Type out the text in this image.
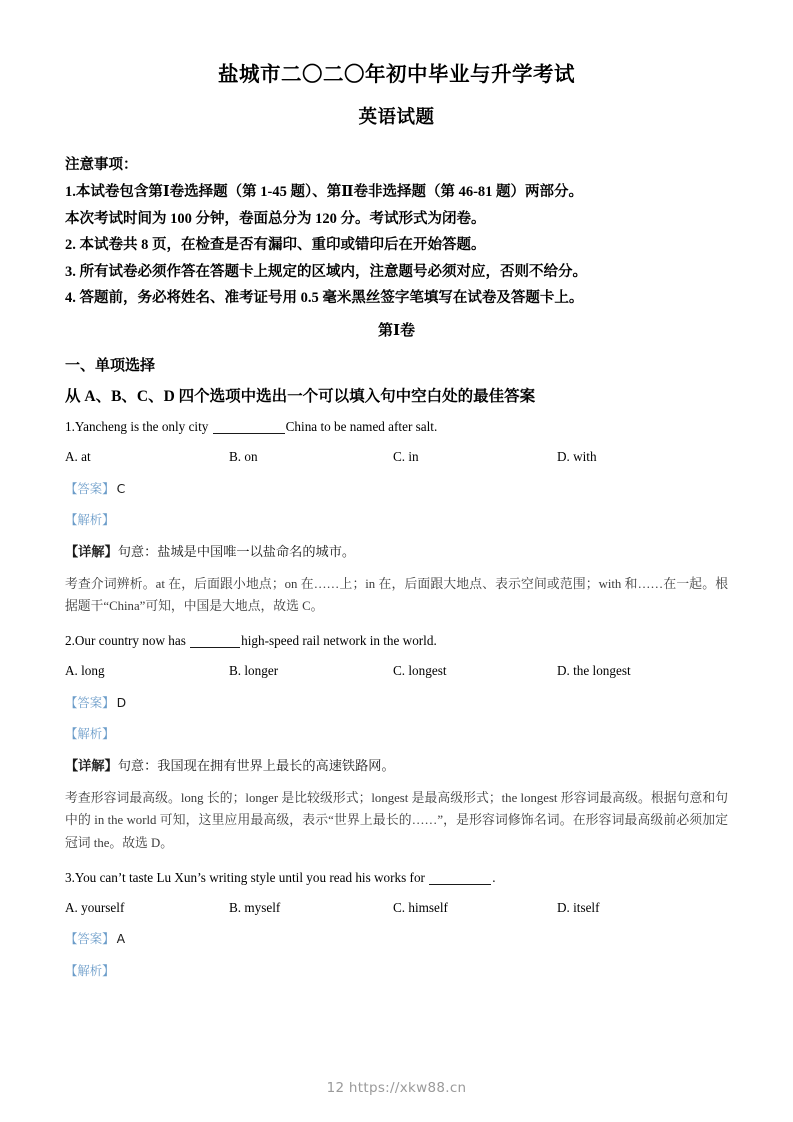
盐城市二〇二〇年初中毕业与升学考试
英语试题

注意事项：

1.本试卷包含第Ⅰ卷选择题（第 1-45 题）、第Ⅱ卷非选择题（第 46-81 题）两部分。

本次考试时间为 100 分钟，卷面总分为 120 分。考试形式为闭卷。

2. 本试卷共 8 页，在检查是否有漏印、重印或错印后在开始答题。

3. 所有试卷必须作答在答题卡上规定的区域内，注意题号必须对应，否则不给分。

4. 答题前，务必将姓名、准考证号用 0.5 毫米黑丝签字笔填写在试卷及答题卡上。

第Ⅰ卷

一、单项选择

从 A、B、C、D 四个选项中选出一个可以填入句中空白处的最佳答案

1.Yancheng is the only city	China to be named after salt.

A. at	B. on	C. in	D. with

【答案】 C

【解析】

【详解】句意：盐城是中国唯一以盐命名的城市。

考查介词辨析。at 在，后面跟小地点；on 在……上；in 在，后面跟大地点、表示空间或范围；with 和……在一起。根据题干“China”可知，中国是大地点，故选 C。

2.Our country now has	high-speed rail network in the world.

A. long	B. longer	C. longest	D. the longest

【答案】 D

【解析】

【详解】句意：我国现在拥有世界上最长的高速铁路网。

考查形容词最高级。long 长的；longer 是比较级形式；longest 是最高级形式；the longest 形容词最高级。根据句意和句中的 in the world 可知，这里应用最高级，表示“世界上最长的……”，是形容词修饰名词。在形容词最高级前必须加定冠词 the。故选 D。

3.You can’t taste Lu Xun’s writing style until you read his works for	.

A. yourself	B. myself	C. himself	D. itself

【答案】 A

【解析】

12 https://xkw88.cn
